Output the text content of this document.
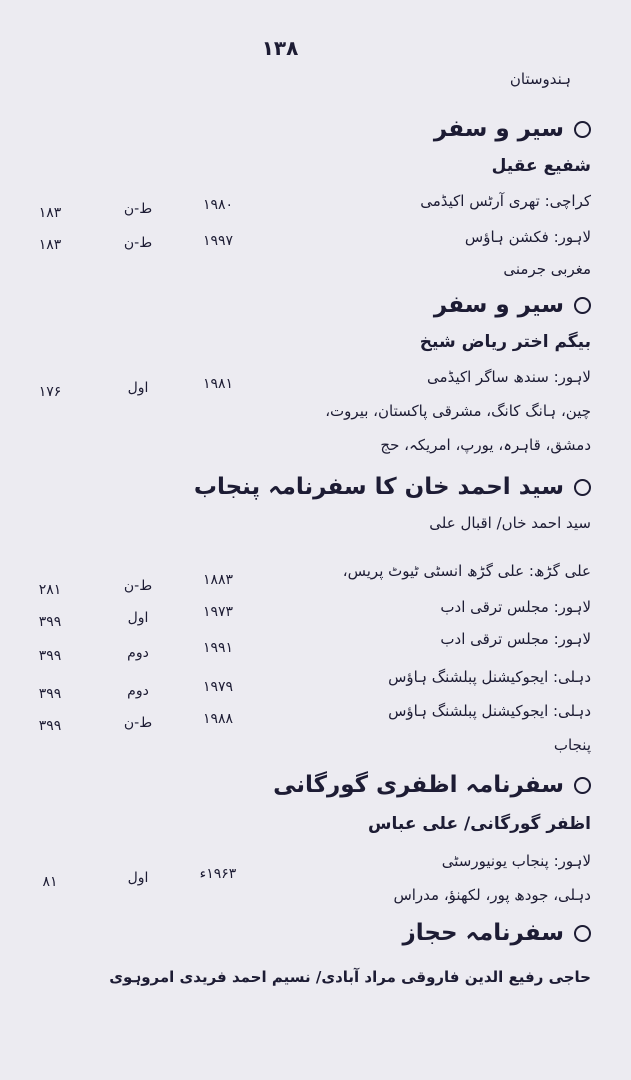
۱۳۸
ہندوستان
سیر و سفر
شفیع عقیل
کراچی: تھری آرٹس اکیڈمی
۱۹۸۰
ط-ن
۱۸۳
لاہور: فکشن ہاؤس
۱۹۹۷
ط-ن
۱۸۳
مغربی جرمنی
سیر و سفر
بیگم اختر ریاض شیخ
لاہور: سندھ ساگر اکیڈمی
۱۹۸۱
اول
۱۷۶
چین، ہانگ کانگ، مشرقی پاکستان، بیروت،
دمشق، قاہرہ، یورپ، امریکہ، حج
سید احمد خان کا سفرنامہ پنجاب
سید احمد خاں/ اقبال علی
علی گڑھ: علی گڑھ انسٹی ٹیوٹ پریس،
۱۸۸۳
ط-ن
۲۸۱
لاہور: مجلس ترقی ادب
۱۹۷۳
اول
۳۹۹
لاہور: مجلس ترقی ادب
۱۹۹۱
دوم
۳۹۹
دہلی: ایجوکیشنل پبلشنگ ہاؤس
۱۹۷۹
دوم
۳۹۹
دہلی: ایجوکیشنل پبلشنگ ہاؤس
۱۹۸۸
ط-ن
۳۹۹
پنجاب
سفرنامہ اظفری گورگانی
اظفر گورگانی/ علی عباس
لاہور: پنجاب یونیورسٹی
۱۹۶۳ء
اول
۸۱
دہلی، جودھ پور، لکھنؤ، مدراس
سفرنامہ حجاز
حاجی رفیع الدین فاروقی مراد آبادی/ نسیم احمد فریدی امروہوی
